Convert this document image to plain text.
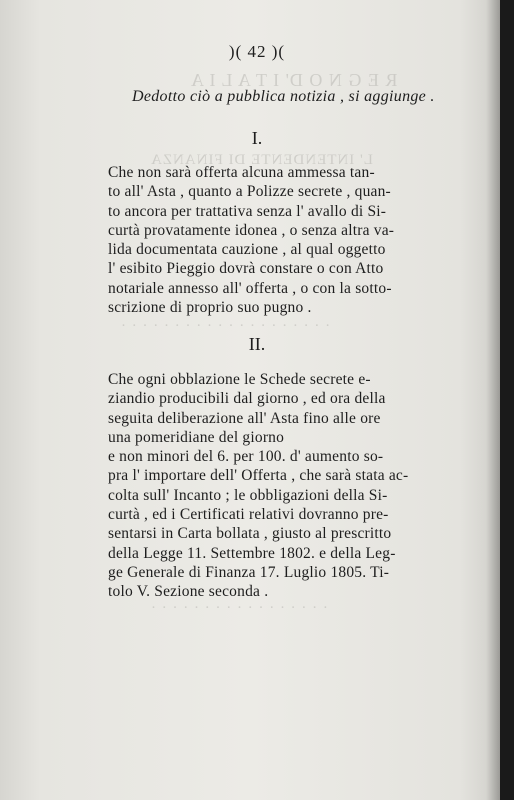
R E G N O D' I T A L I A
L' INTENDENTE DI FINANZA
· · · · · · · · · · · · · · · · · · · ·
· · · · · · · · · · · · · · · · ·
)( 42 )(
Dedotto ciò a pubblica notizia , si aggiunge .
I.
Che non sarà offerta alcuna ammessa tan-
to all' Asta , quanto a Polizze secrete , quan-
to ancora per trattativa senza l' avallo di Si-
curtà provatamente idonea , o senza altra va-
lida documentata cauzione , al qual oggetto
l' esibito Pieggio dovrà constare o con Atto
notariale annesso all' offerta , o con la sotto-
scrizione di proprio suo pugno .
II.
Che ogni obblazione le Schede secrete e-
ziandio producibili dal giorno , ed ora della
seguita deliberazione all' Asta fino alle ore
una pomeridiane del giorno
e non minori del 6. per 100. d' aumento so-
pra l' importare dell' Offerta , che sarà stata ac-
colta sull' Incanto ; le obbligazioni della Si-
curtà , ed i Certificati relativi dovranno pre-
sentarsi in Carta bollata , giusto al prescritto
della Legge 11. Settembre 1802. e della Leg-
ge Generale di Finanza 17. Luglio 1805. Ti-
tolo V. Sezione seconda .
